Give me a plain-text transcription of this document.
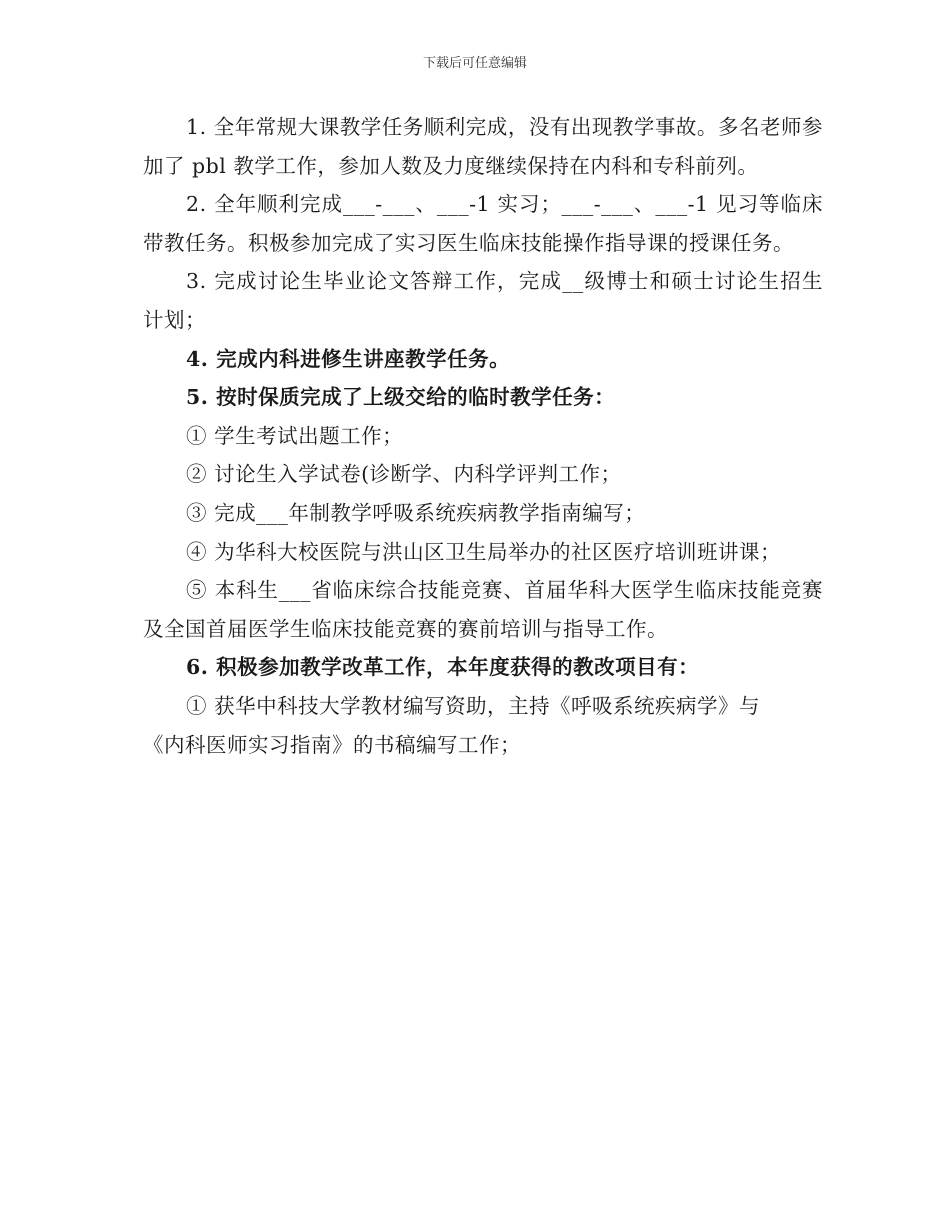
下载后可任意编辑

1. 全年常规大课教学任务顺利完成，没有出现教学事故。多名老师参加了 pbl 教学工作，参加人数及力度继续保持在内科和专科前列。

2. 全年顺利完成___-___、___-1 实习；___-___、___-1 见习等临床带教任务。积极参加完成了实习医生临床技能操作指导课的授课任务。

3. 完成讨论生毕业论文答辩工作，完成__级博士和硕士讨论生招生计划；

4. 完成内科进修生讲座教学任务。

5. 按时保质完成了上级交给的临时教学任务：

① 学生考试出题工作；

② 讨论生入学试卷(诊断学、内科学评判工作；

③ 完成___年制教学呼吸系统疾病教学指南编写；

④ 为华科大校医院与洪山区卫生局举办的社区医疗培训班讲课；

⑤ 本科生___省临床综合技能竞赛、首届华科大医学生临床技能竞赛及全国首届医学生临床技能竞赛的赛前培训与指导工作。

6. 积极参加教学改革工作，本年度获得的教改项目有：

① 获华中科技大学教材编写资助，主持《呼吸系统疾病学》与

《内科医师实习指南》的书稿编写工作；
